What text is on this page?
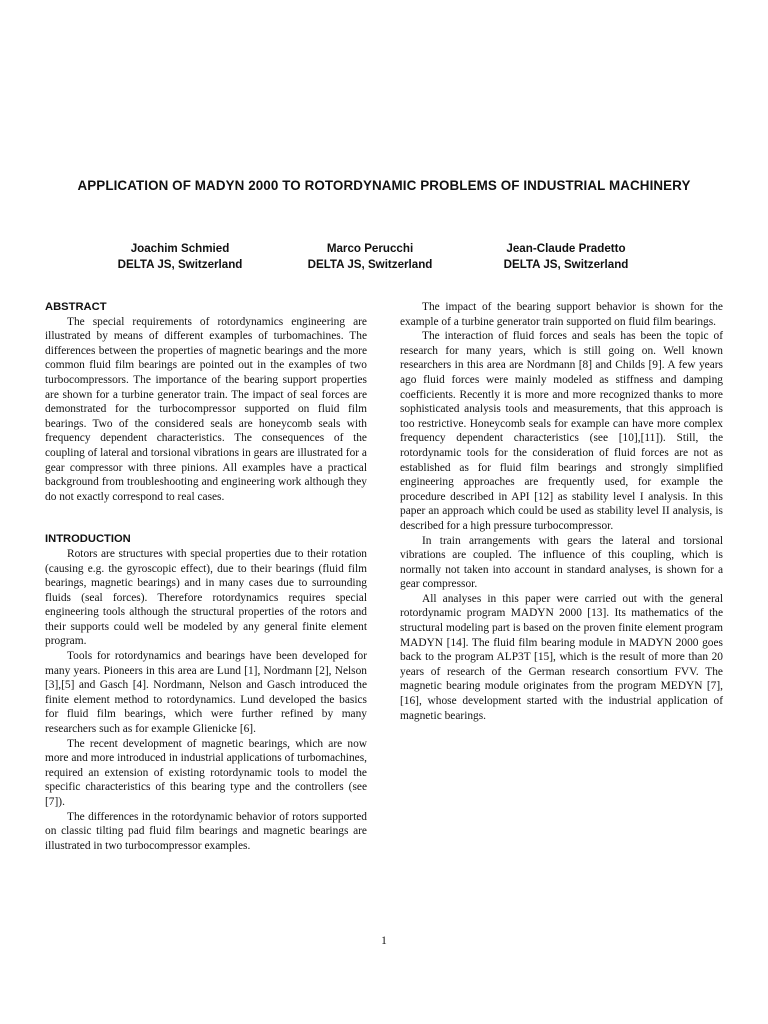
APPLICATION OF MADYN 2000 TO ROTORDYNAMIC PROBLEMS OF INDUSTRIAL MACHINERY
Joachim Schmied
DELTA JS, Switzerland
Marco Perucchi
DELTA JS, Switzerland
Jean-Claude Pradetto
DELTA JS, Switzerland

ABSTRACT

The special requirements of rotordynamics engineering are illustrated by means of different examples of turbomachines. The differences between the properties of magnetic bearings and the more common fluid film bearings are pointed out in the examples of two turbocompressors. The importance of the bearing support properties are shown for a turbine generator train. The impact of seal forces are demonstrated for the turbocompressor supported on fluid film bearings. Two of the considered seals are honeycomb seals with frequency dependent characteristics. The consequences of the coupling of lateral and torsional vibrations in gears are illustrated for a gear compressor with three pinions. All examples have a practical background from troubleshooting and engineering work although they do not exactly correspond to real cases.

INTRODUCTION

Rotors are structures with special properties due to their rotation (causing e.g. the gyroscopic effect), due to their bearings (fluid film bearings, magnetic bearings) and in many cases due to surrounding fluids (seal forces). Therefore rotordynamics requires special engineering tools although the structural properties of the rotors and their supports could well be modeled by any general finite element program.

Tools for rotordynamics and bearings have been developed for many years. Pioneers in this area are Lund [1], Nordmann [2], Nelson [3],[5] and Gasch [4]. Nordmann, Nelson and Gasch introduced the finite element method to rotordynamics. Lund developed the basics for fluid film bearings, which were further refined by many researchers such as for example Glienicke [6].

The recent development of magnetic bearings, which are now more and more introduced in industrial applications of turbomachines, required an extension of existing rotordynamic tools to model the specific characteristics of this bearing type and the controllers (see [7]).

The differences in the rotordynamic behavior of rotors supported on classic tilting pad fluid film bearings and magnetic bearings are illustrated in two turbocompressor examples.

The impact of the bearing support behavior is shown for the example of a turbine generator train supported on fluid film bearings.

The interaction of fluid forces and seals has been the topic of research for many years, which is still going on. Well known researchers in this area are Nordmann [8] and Childs [9]. A few years ago fluid forces were mainly modeled as stiffness and damping coefficients. Recently it is more and more recognized thanks to more sophisticated analysis tools and measurements, that this approach is too restrictive. Honeycomb seals for example can have more complex frequency dependent characteristics (see [10],[11]). Still, the rotordynamic tools for the consideration of fluid forces are not as established as for fluid film bearings and strongly simplified engineering approaches are frequently used, for example the procedure described in API [12] as stability level I analysis. In this paper an approach which could be used as stability level II analysis, is described for a high pressure turbocompressor.

In train arrangements with gears the lateral and torsional vibrations are coupled. The influence of this coupling, which is normally not taken into account in standard analyses, is shown for a gear compressor.

All analyses in this paper were carried out with the general rotordynamic program MADYN 2000 [13]. Its mathematics of the structural modeling part is based on the proven finite element program MADYN [14]. The fluid film bearing module in MADYN 2000 goes back to the program ALP3T [15], which is the result of more than 20 years of research of the German research consortium FVV. The magnetic bearing module originates from the program MEDYN [7],[16], whose development started with the industrial application of magnetic bearings.

1
